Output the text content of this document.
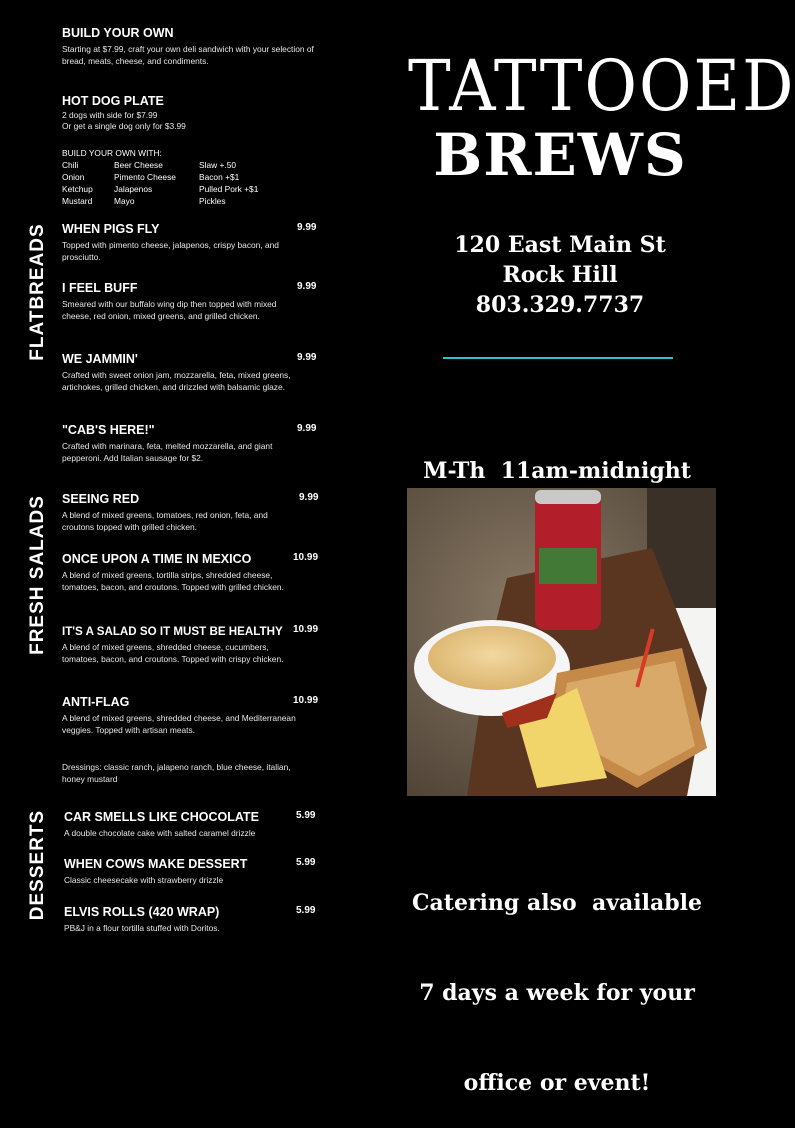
BUILD YOUR OWN
Starting at $7.99, craft your own deli sandwich with your selection of bread, meats, cheese, and condiments.
HOT DOG PLATE
2 dogs with side for $7.99
Or get a single dog only for $3.99
BUILD YOUR OWN WITH:
Chili
Onion
Ketchup
Mustard
Beer Cheese
Pimento Cheese
Jalapenos
Mayo
Slaw +.50
Bacon +$1
Pulled Pork +$1
Pickles
FLATBREADS
FRESH SALADS
DESSERTS
WHEN PIGS FLY
Topped with pimento cheese, jalapenos, crispy bacon, and prosciutto.
9.99
I FEEL BUFF
Smeared with our buffalo wing dip then topped with mixed cheese, red onion, mixed greens, and grilled chicken.
9.99
WE JAMMIN'
Crafted with sweet onion jam, mozzarella, feta, mixed greens, artichokes, grilled chicken, and drizzled with balsamic glaze.
9.99
"CAB'S HERE!"
Crafted with marinara, feta, melted mozzarella, and giant pepperoni. Add Italian sausage for $2.
9.99
SEEING RED
A blend of mixed greens, tomatoes, red onion, feta, and croutons topped with grilled chicken.
9.99
ONCE UPON A TIME IN MEXICO
A blend of mixed greens, tortilla strips, shredded cheese, tomatoes, bacon, and croutons. Topped with grilled chicken.
10.99
IT'S A SALAD SO IT MUST BE HEALTHY
A blend of mixed greens, shredded cheese, cucumbers, tomatoes, bacon, and croutons. Topped with crispy chicken.
10.99
ANTI-FLAG
A blend of mixed greens, shredded cheese, and Mediterranean veggies. Topped with artisan meats.
10.99
Dressings: classic ranch, jalapeno ranch, blue cheese, italian, honey mustard
CAR SMELLS LIKE CHOCOLATE
A double chocolate cake with salted caramel drizzle
5.99
WHEN COWS MAKE DESSERT
Classic cheesecake with strawberry drizzle
5.99
ELVIS ROLLS (420 WRAP)
PB&J in a flour tortilla stuffed with Doritos.
5.99
TATTOOED
BREWS
120 East Main St
Rock Hill
803.329.7737

M-Th  11am-midnight

Catering also  available

7 days a week for your

office or event!
